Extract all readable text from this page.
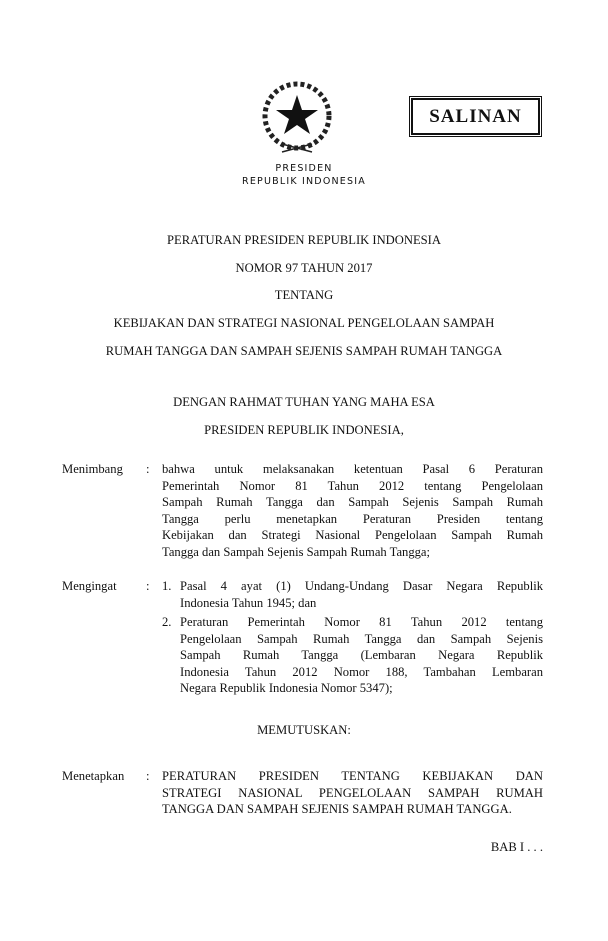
SALINAN
PRESIDEN
REPUBLIK INDONESIA
PERATURAN PRESIDEN REPUBLIK INDONESIA
NOMOR 97 TAHUN 2017
TENTANG
KEBIJAKAN DAN STRATEGI NASIONAL PENGELOLAAN SAMPAH
RUMAH TANGGA DAN SAMPAH SEJENIS SAMPAH RUMAH TANGGA
DENGAN RAHMAT TUHAN YANG MAHA ESA
PRESIDEN REPUBLIK INDONESIA,
Menimbang : bahwa untuk melaksanakan ketentuan Pasal 6 Peraturan
Pemerintah Nomor 81 Tahun 2012 tentang Pengelolaan
Sampah Rumah Tangga dan Sampah Sejenis Sampah Rumah
Tangga perlu menetapkan Peraturan Presiden tentang
Kebijakan dan Strategi Nasional Pengelolaan Sampah Rumah
Tangga dan Sampah Sejenis Sampah Rumah Tangga;
Mengingat : 1. Pasal 4 ayat (1) Undang-Undang Dasar Negara Republik
Indonesia Tahun 1945; dan
2. Peraturan Pemerintah Nomor 81 Tahun 2012 tentang
Pengelolaan Sampah Rumah Tangga dan Sampah Sejenis
Sampah Rumah Tangga (Lembaran Negara Republik
Indonesia Tahun 2012 Nomor 188, Tambahan Lembaran
Negara Republik Indonesia Nomor 5347);
MEMUTUSKAN:
Menetapkan : PERATURAN PRESIDEN TENTANG KEBIJAKAN DAN
STRATEGI NASIONAL PENGELOLAAN SAMPAH RUMAH
TANGGA DAN SAMPAH SEJENIS SAMPAH RUMAH TANGGA.
BAB I . . .
